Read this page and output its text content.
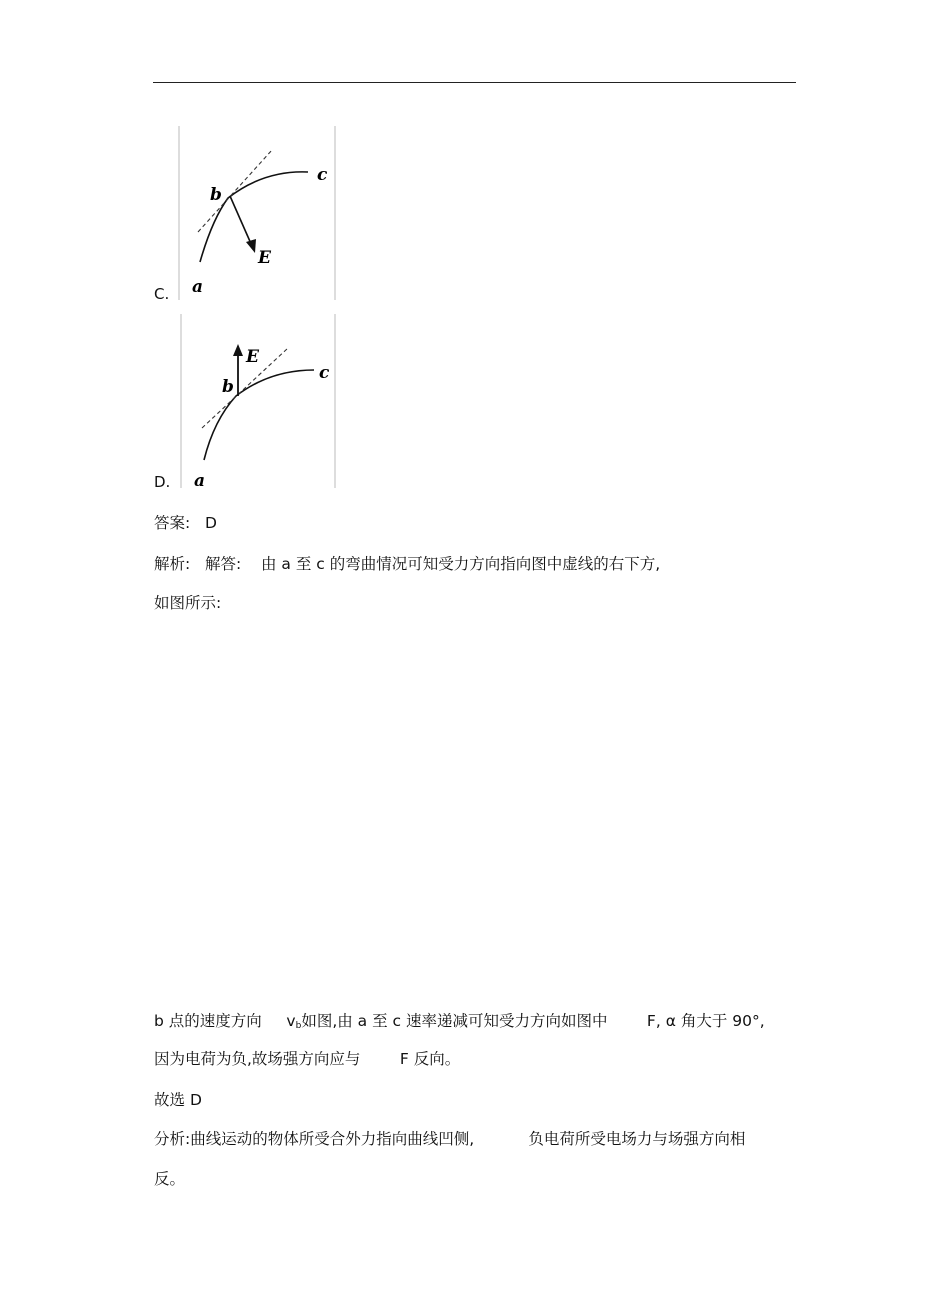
C.
b
c
E
a
D.
E
b
c
a
答案: D
解析: 解答: 由 a 至 c 的弯曲情况可知受力方向指向图中虚线的右下方,
如图所示:
b 点的速度方向 $v_b$如图,由 a 至 c 速率递减可知受力方向如图中	F, α 角大于 90°,
因为电荷为负,故场强方向应与	F 反向。
故选 D
分析:曲线运动的物体所受合外力指向曲线凹侧,	负电荷所受电场力与场强方向相
反。
